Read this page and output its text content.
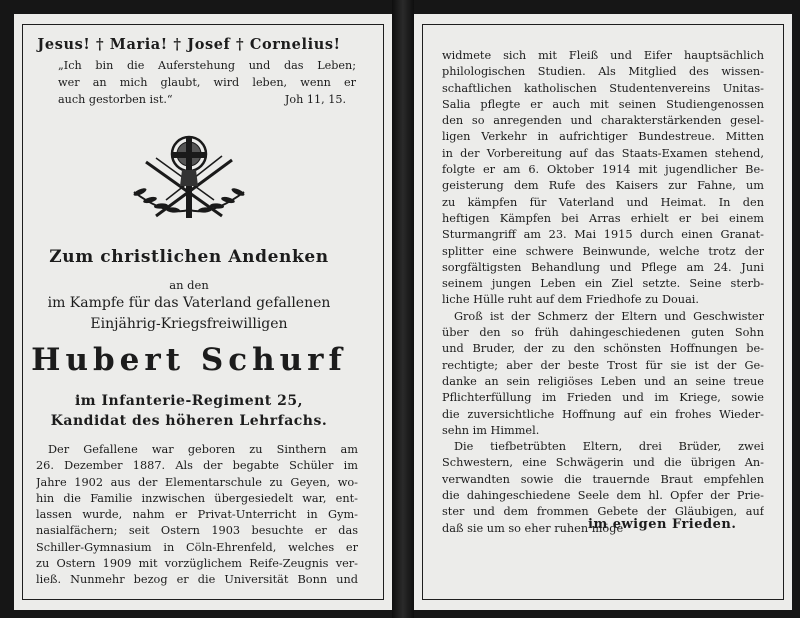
Jesus! † Maria! † Josef † Cornelius!
„Ich bin die Auferstehung und das Leben;
wer an mich glaubt, wird leben, wenn er
auch gestorben ist.“	Joh 11, 15.
Zum christlichen Andenken
an den
im Kampfe für das Vaterland gefallenen
Einjährig-Kriegsfreiwilligen
Hubert Schurf
im Infanterie-Regiment 25,
Kandidat des höheren Lehrfachs.
Der Gefallene war geboren zu Sinthern am
26. Dezember 1887. Als der begabte Schüler im
Jahre 1902 aus der Elementarschule zu Geyen, wo-
hin die Familie inzwischen übergesiedelt war, ent-
lassen wurde, nahm er Privat-Unterricht in Gym-
nasialfächern; seit Ostern 1903 besuchte er das
Schiller-Gymnasium in Cöln-Ehrenfeld, welches er
zu Ostern 1909 mit vorzüglichem Reife-Zeugnis ver-
ließ. Nunmehr bezog er die Universität Bonn und
widmete sich mit Fleiß und Eifer hauptsächlich
philologischen Studien. Als Mitglied des wissen-
schaftlichen katholischen Studentenvereins Unitas-
Salia pflegte er auch mit seinen Studiengenossen
den so anregenden und charakterstärkenden gesel-
ligen Verkehr in aufrichtiger Bundestreue. Mitten
in der Vorbereitung auf das Staats-Examen stehend,
folgte er am 6. Oktober 1914 mit jugendlicher Be-
geisterung dem Rufe des Kaisers zur Fahne, um
zu kämpfen für Vaterland und Heimat. In den
heftigen Kämpfen bei Arras erhielt er bei einem
Sturmangriff am 23. Mai 1915 durch einen Granat-
splitter eine schwere Beinwunde, welche trotz der
sorgfältigsten Behandlung und Pflege am 24. Juni
seinem jungen Leben ein Ziel setzte. Seine sterb-
liche Hülle ruht auf dem Friedhofe zu Douai.
Groß ist der Schmerz der Eltern und Geschwister
über den so früh dahingeschiedenen guten Sohn
und Bruder, der zu den schönsten Hoffnungen be-
rechtigte; aber der beste Trost für sie ist der Ge-
danke an sein religiöses Leben und an seine treue
Pflichterfüllung im Frieden und im Kriege, sowie
die zuversichtliche Hoffnung auf ein frohes Wieder-
sehn im Himmel.
Die tiefbetrübten Eltern, drei Brüder, zwei
Schwestern, eine Schwägerin und die übrigen An-
verwandten sowie die trauernde Braut empfehlen
die dahingeschiedene Seele dem hl. Opfer der Prie-
ster und dem frommen Gebete der Gläubigen, auf
daß sie um so eher ruhen möge
im ewigen Frieden.
